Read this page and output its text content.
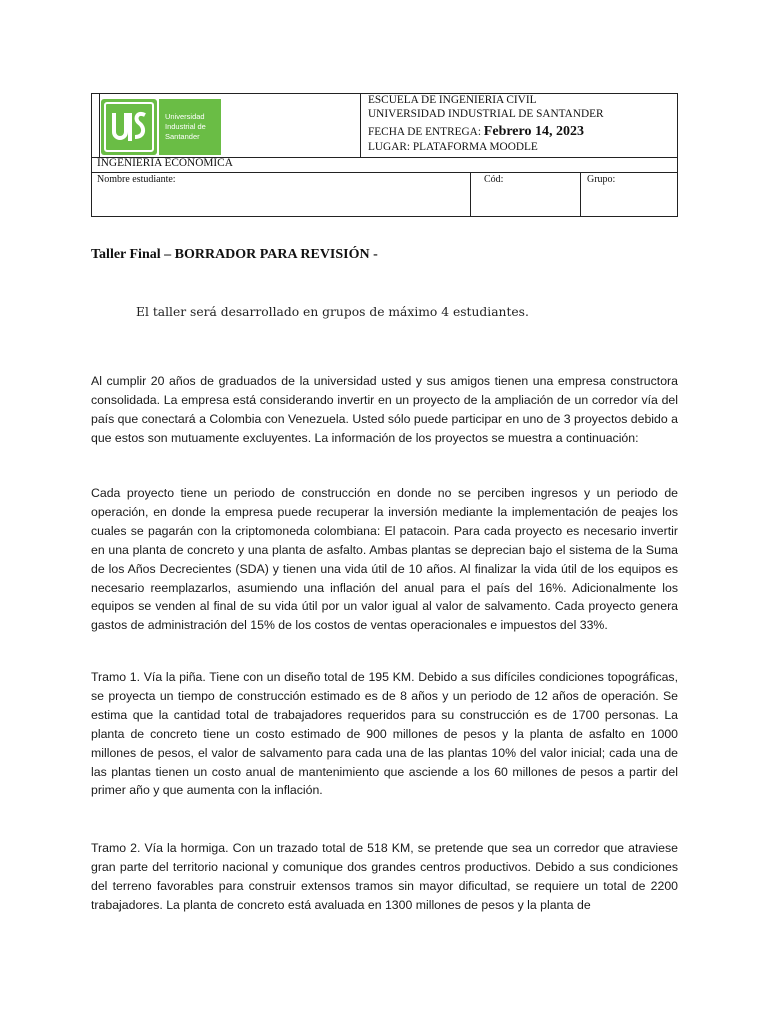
Universidad
Industrial de
Santander
ESCUELA DE INGENIERIA CIVIL
UNIVERSIDAD INDUSTRIAL DE SANTANDER
FECHA DE ENTREGA: Febrero 14, 2023
LUGAR: PLATAFORMA MOODLE
INGENIERIA ECONOMICA
Nombre estudiante:	Cód:	Grupo:
Taller Final – BORRADOR PARA REVISIÓN -
El taller será desarrollado en grupos de máximo 4 estudiantes.

Al cumplir 20 años de graduados de la universidad usted y sus amigos tienen una empresa constructora consolidada. La empresa está considerando invertir en un proyecto de la ampliación de un corredor vía del país que conectará a Colombia con Venezuela. Usted sólo puede participar en uno de 3 proyectos debido a que estos son mutuamente excluyentes. La información de los proyectos se muestra a continuación:

Cada proyecto tiene un periodo de construcción en donde no se perciben ingresos y un periodo de operación, en donde la empresa puede recuperar la inversión mediante la implementación de peajes los cuales se pagarán con la criptomoneda colombiana: El patacoin. Para cada proyecto es necesario invertir en una planta de concreto y una planta de asfalto. Ambas plantas se deprecian bajo el sistema de la Suma de los Años Decrecientes (SDA) y tienen una vida útil de 10 años. Al finalizar la vida útil de los equipos es necesario reemplazarlos, asumiendo una inflación del anual para el país del 16%. Adicionalmente los equipos se venden al final de su vida útil por un valor igual al valor de salvamento. Cada proyecto genera gastos de administración del 15% de los costos de ventas operacionales e impuestos del 33%.

Tramo 1. Vía la piña. Tiene con un diseño total de 195 KM. Debido a sus difíciles condiciones topográficas, se proyecta un tiempo de construcción estimado es de 8 años y un periodo de 12 años de operación. Se estima que la cantidad total de trabajadores requeridos para su construcción es de 1700 personas. La planta de concreto tiene un costo estimado de 900 millones de pesos y la planta de asfalto en 1000 millones de pesos, el valor de salvamento para cada una de las plantas 10% del valor inicial; cada una de las plantas tienen un costo anual de mantenimiento que asciende a los 60 millones de pesos a partir del primer año y que aumenta con la inflación.

Tramo 2. Vía la hormiga. Con un trazado total de 518 KM, se pretende que sea un corredor que atraviese gran parte del territorio nacional y comunique dos grandes centros productivos. Debido a sus condiciones del terreno favorables para construir extensos tramos sin mayor dificultad, se requiere un total de 2200 trabajadores. La planta de concreto está avaluada en 1300 millones de pesos y la planta de
